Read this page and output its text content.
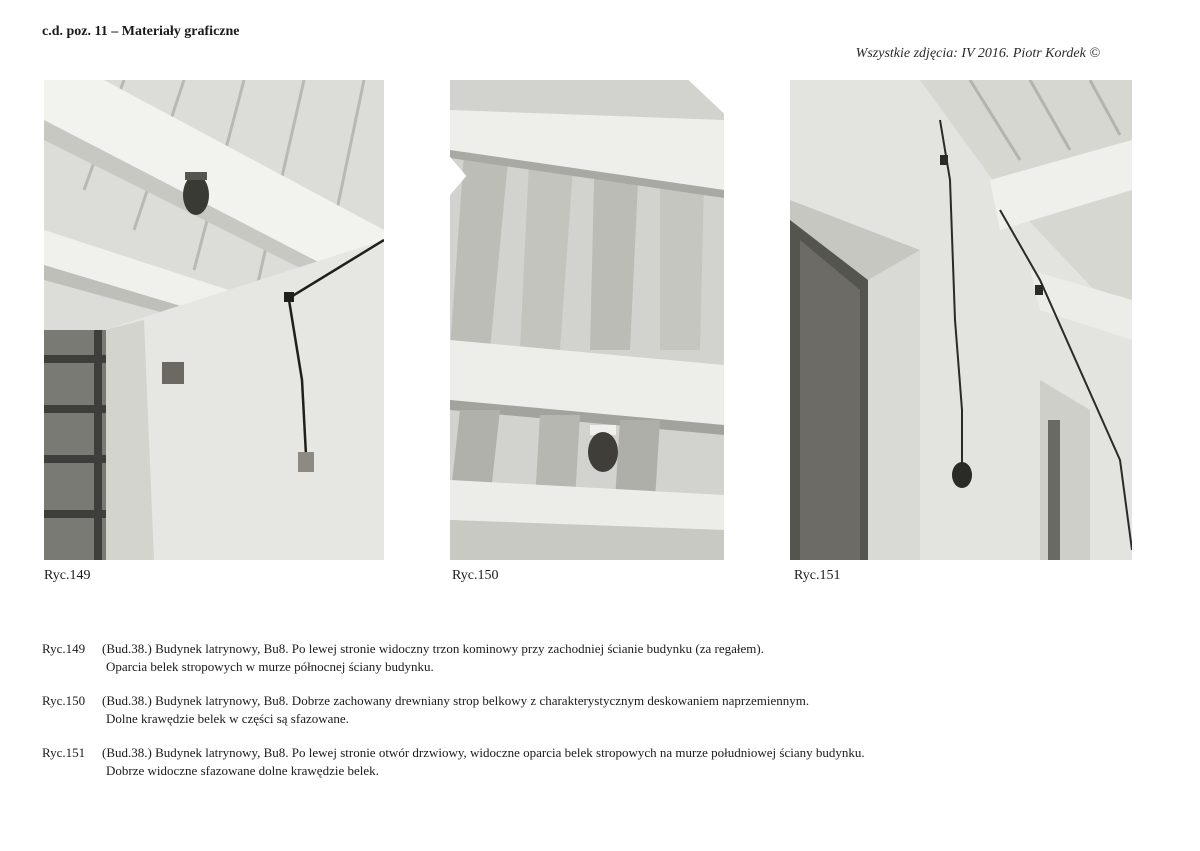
c.d. poz. 11 – Materiały graficzne
Wszystkie zdjęcia: IV 2016. Piotr Kordek ©
Ryc.149	Ryc.150	Ryc.151
Ryc.149 (Bud.38.) Budynek latrynowy, Bu8. Po lewej stronie widoczny trzon kominowy przy zachodniej ścianie budynku (za regałem).
Oparcia belek stropowych w murze północnej ściany budynku.
Ryc.150 (Bud.38.) Budynek latrynowy, Bu8. Dobrze zachowany drewniany strop belkowy z charakterystycznym deskowaniem naprzemiennym.
Dolne krawędzie belek w części są sfazowane.
Ryc.151 (Bud.38.) Budynek latrynowy, Bu8. Po lewej stronie otwór drzwiowy, widoczne oparcia belek stropowych na murze południowej ściany budynku.
Dobrze widoczne sfazowane dolne krawędzie belek.
